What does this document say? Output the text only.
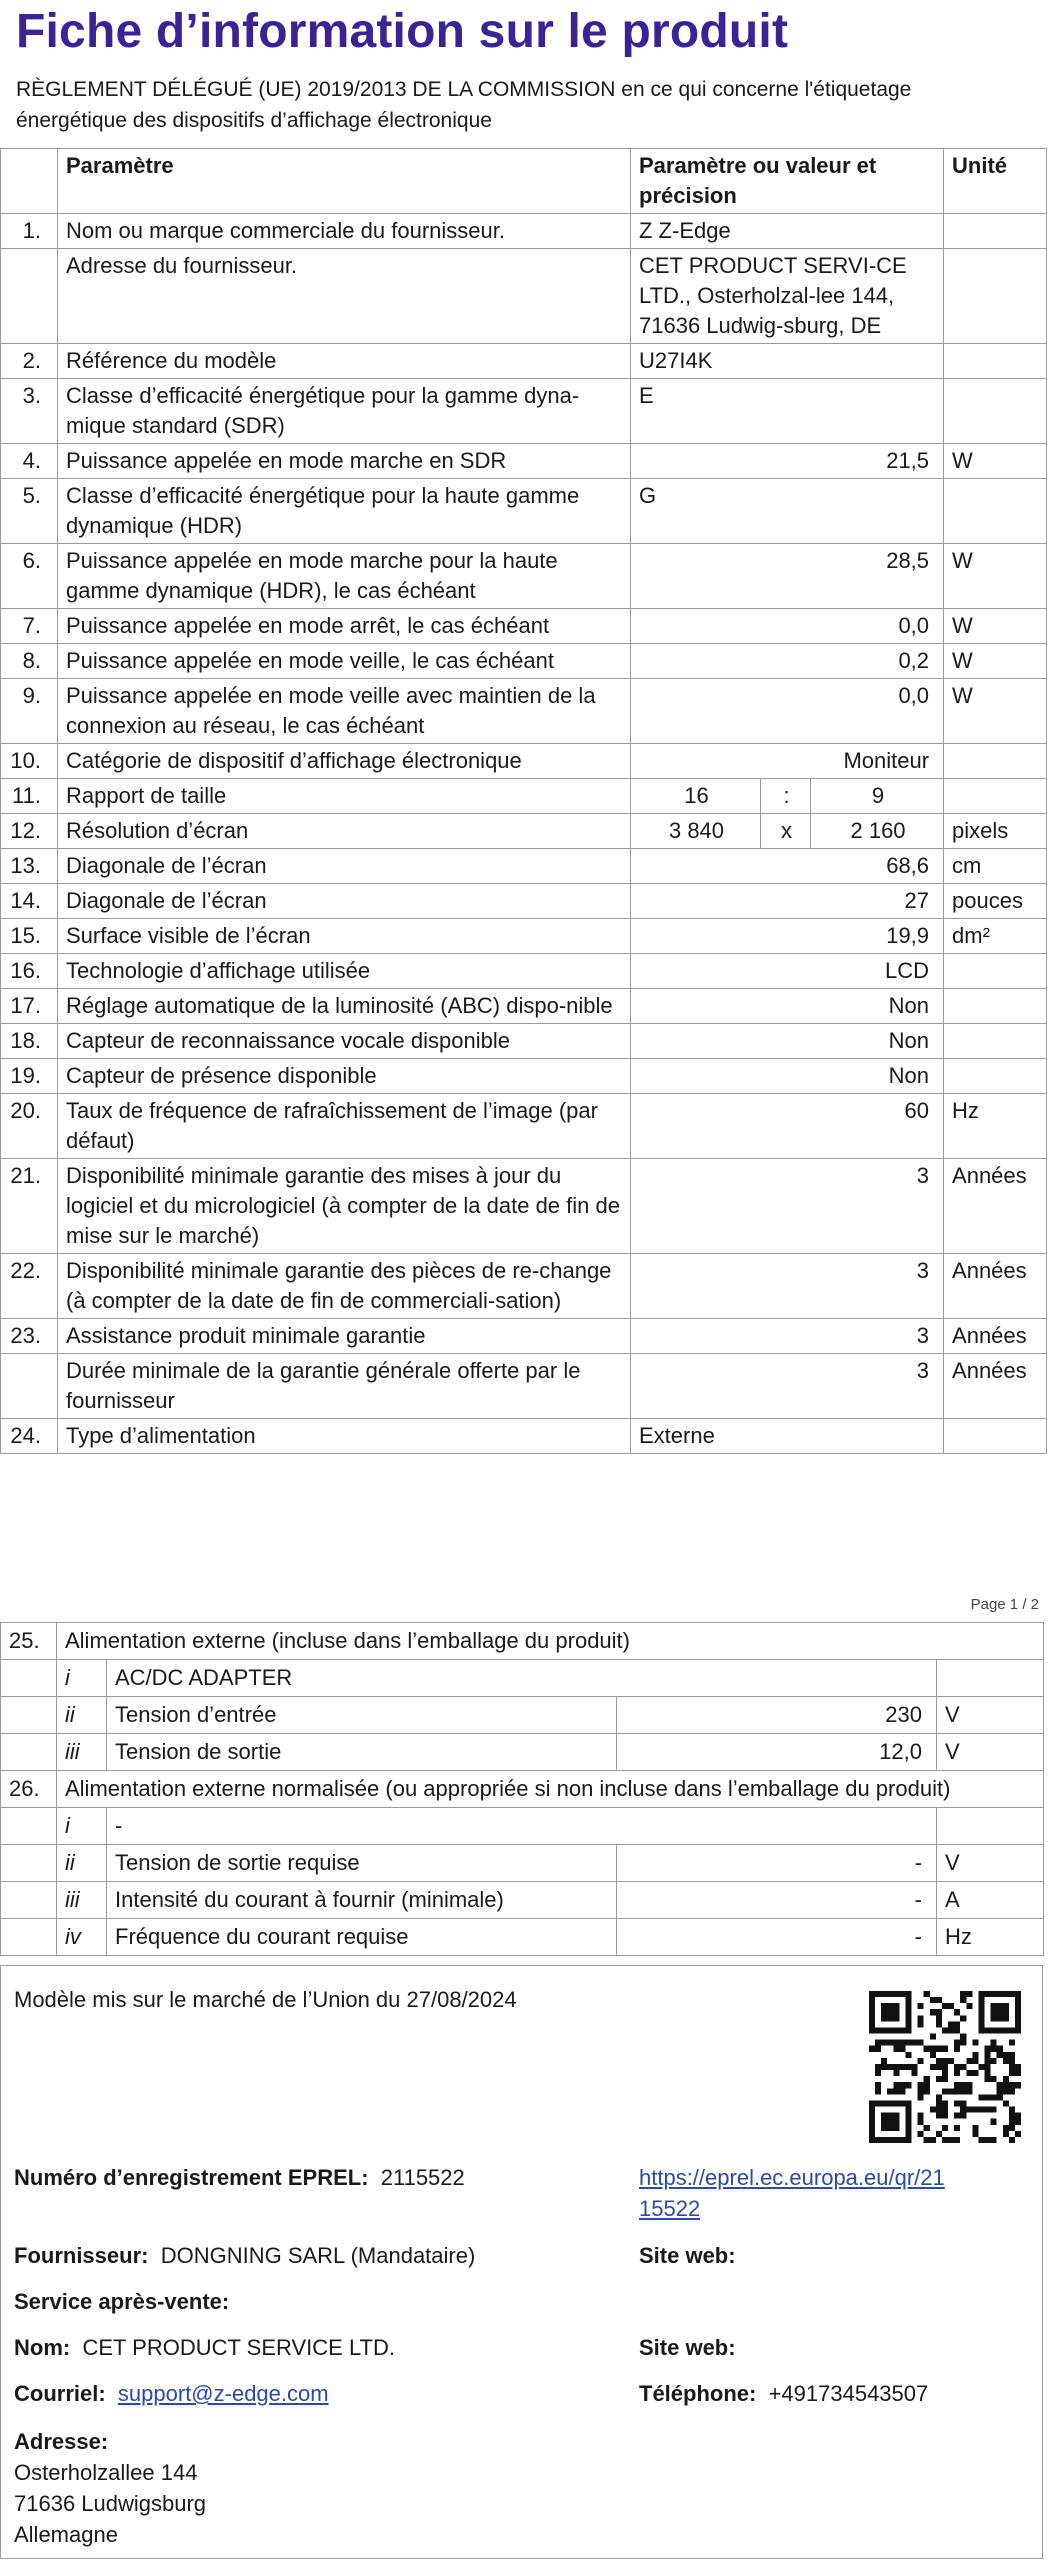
Fiche d’information sur le produit
RÈGLEMENT DÉLÉGUÉ (UE) 2019/2013 DE LA COMMISSION en ce qui concerne l'étiquetage énergétique des dispositifs d’affichage électronique
	Paramètre	Paramètre ou valeur et précision			Unité
1.	Nom ou marque commerciale du fournisseur.	Z Z-Edge			
	Adresse du fournisseur.	CET PRODUCT SERVI-CE LTD., Osterholzal-lee 144, 71636 Ludwig-sburg, DE			
2.	Référence du modèle	U27I4K			
3.	Classe d’efficacité énergétique pour la gamme dyna-mique standard (SDR)	E			
4.	Puissance appelée en mode marche en SDR	21,5			W
5.	Classe d’efficacité énergétique pour la haute gamme dynamique (HDR)	G			
6.	Puissance appelée en mode marche pour la haute gamme dynamique (HDR), le cas échéant	28,5			W
7.	Puissance appelée en mode arrêt, le cas échéant	0,0			W
8.	Puissance appelée en mode veille, le cas échéant	0,2			W
9.	Puissance appelée en mode veille avec maintien de la connexion au réseau, le cas échéant	0,0			W
10.	Catégorie de dispositif d’affichage électronique	Moniteur			
11.	Rapport de taille	16	:	9	
12.	Résolution d’écran	3 840	x	2 160	pixels
13.	Diagonale de l’écran	68,6			cm
14.	Diagonale de l’écran	27			pouces
15.	Surface visible de l’écran	19,9			dm²
16.	Technologie d’affichage utilisée	LCD			
17.	Réglage automatique de la luminosité (ABC) dispo-nible	Non			
18.	Capteur de reconnaissance vocale disponible	Non			
19.	Capteur de présence disponible	Non			
20.	Taux de fréquence de rafraîchissement de l’image (par défaut)	60			Hz
21.	Disponibilité minimale garantie des mises à jour du logiciel et du micrologiciel (à compter de la date de fin de mise sur le marché)	3			Années
22.	Disponibilité minimale garantie des pièces de re-change (à compter de la date de fin de commerciali-sation)	3			Années
23.	Assistance produit minimale garantie	3			Années
	Durée minimale de la garantie générale offerte par le fournisseur	3			Années
24.	Type d’alimentation	Externe			
Page 1 / 2
25.	Alimentation externe (incluse dans l’emballage du produit)			
	i	AC/DC ADAPTER		
	ii	Tension d’entrée	230	V
	iii	Tension de sortie	12,0	V
26.	Alimentation externe normalisée (ou appropriée si non incluse dans l’emballage du produit)			
	i	-		
	ii	Tension de sortie requise	-	V
	iii	Intensité du courant à fournir (minimale)	-	A
	iv	Fréquence du courant requise	-	Hz
Modèle mis sur le marché de l’Union du 27/08/2024
Numéro d’enregistrement EPREL: 2115522	https://eprel.ec.europa.eu/qr/21
15522
Fournisseur: DONGNING SARL (Mandataire)	Site web:
Service après-vente:
Nom: CET PRODUCT SERVICE LTD.	Site web:
Courriel: support@z-edge.com	Téléphone: +491734543507
Adresse:
Osterholzallee 144
71636 Ludwigsburg
Allemagne
